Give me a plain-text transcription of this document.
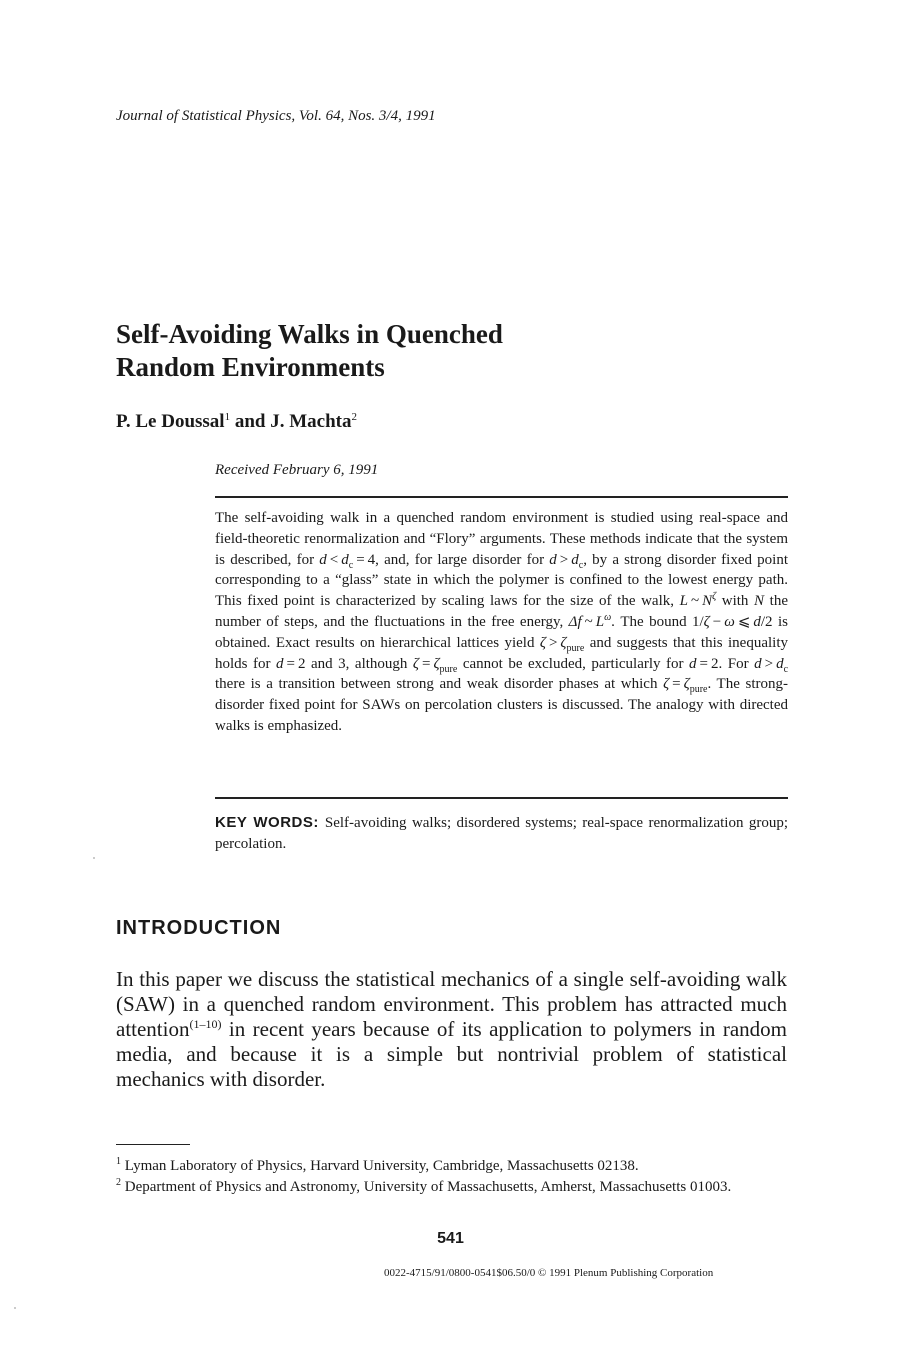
Journal of Statistical Physics, Vol. 64, Nos. 3/4, 1991
Self-Avoiding Walks in Quenched
Random Environments
P. Le Doussal$^1$ and J. Machta$^2$
Received February 6, 1991
The self-avoiding walk in a quenched random environment is studied using real-space and field-theoretic renormalization and “Flory” arguments. These methods indicate that the system is described, for $d < d_c = 4$, and, for large disorder for $d > d_c$, by a strong disorder fixed point corresponding to a “glass” state in which the polymer is confined to the lowest energy path. This fixed point is characterized by scaling laws for the size of the walk, L ~ $N^\zeta$ with N the number of steps, and the fluctuations in the free energy, Δf ~ $L^\omega$. The bound 1/ζ − ω ⩽ d/2 is obtained. Exact results on hierarchical lattices yield $\zeta > \zeta_{pure}$ and suggests that this inequality holds for d = 2 and 3, although $\zeta = \zeta_{pure}$ cannot be excluded, particularly for d = 2. For $d > d_c$ there is a transition between strong and weak disorder phases at which $\zeta = \zeta_{pure}$. The strong-disorder fixed point for SAWs on percolation clusters is discussed. The analogy with directed walks is emphasized.
KEY WORDS: Self-avoiding walks; disordered systems; real-space renormalization group; percolation.
INTRODUCTION
In this paper we discuss the statistical mechanics of a single self-avoiding walk (SAW) in a quenched random environment. This problem has attracted much attention$^{(1-10)}$ in recent years because of its application to polymers in random media, and because it is a simple but nontrivial problem of statistical mechanics with disorder.
$^1$ Lyman Laboratory of Physics, Harvard University, Cambridge, Massachusetts 02138.
$^2$ Department of Physics and Astronomy, University of Massachusetts, Amherst, Massachusetts 01003.
541
0022-4715/91/0800-0541$06.50/0 © 1991 Plenum Publishing Corporation
